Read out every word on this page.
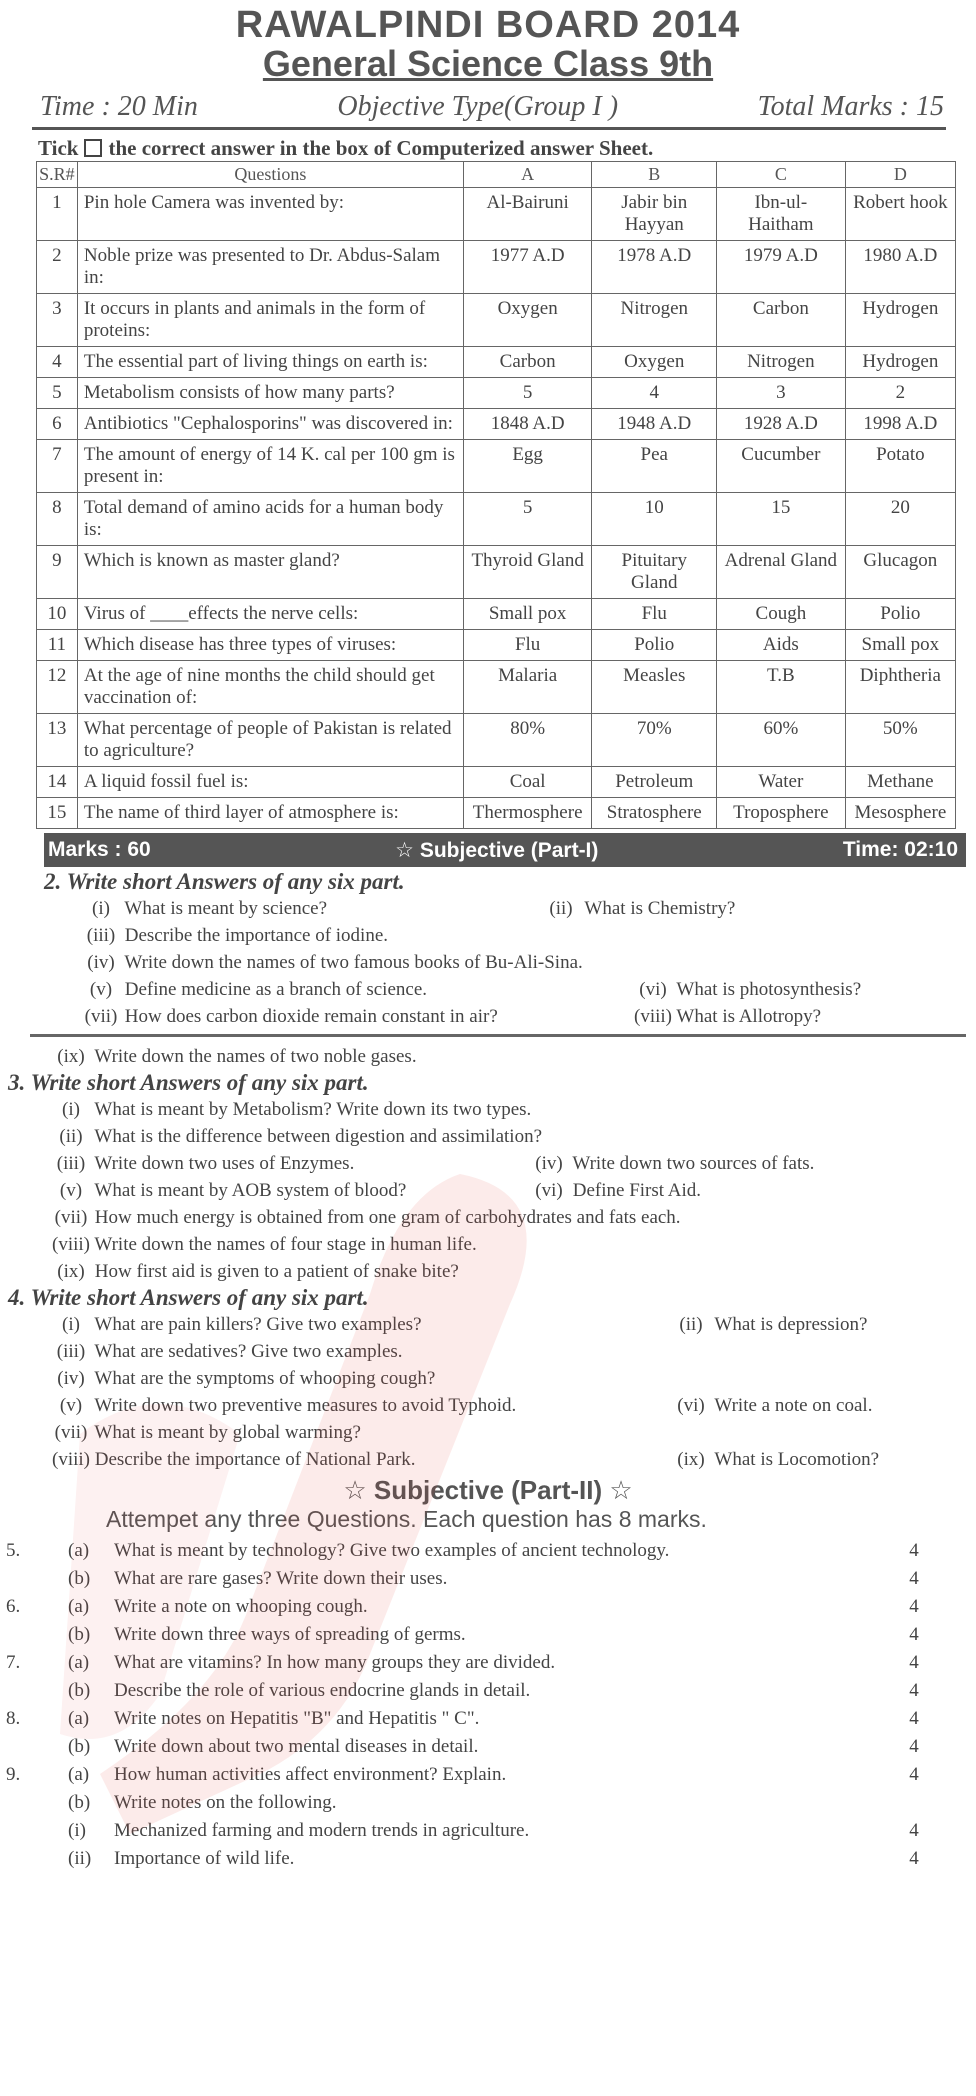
RAWALPINDI BOARD 2014
General Science Class 9th
Time : 20 Min	Objective Type(Group I )	Total Marks : 15
Tick the correct answer in the box of Computerized answer Sheet.
S.R#	Questions	A	B	C	D
1	Pin hole Camera was invented by:	Al-Bairuni	Jabir bin Hayyan	Ibn-ul-Haitham	Robert hook
2	Noble prize was presented to Dr. Abdus-Salam in:	1977 A.D	1978 A.D	1979 A.D	1980 A.D
3	It occurs in plants and animals in the form of proteins:	Oxygen	Nitrogen	Carbon	Hydrogen
4	The essential part of living things on earth is:	Carbon	Oxygen	Nitrogen	Hydrogen
5	Metabolism consists of how many parts?	5	4	3	2
6	Antibiotics "Cephalosporins" was discovered in:	1848 A.D	1948 A.D	1928 A.D	1998 A.D
7	The amount of energy of 14 K. cal per 100 gm is present in:	Egg	Pea	Cucumber	Potato
8	Total demand of amino acids for a human body is:	5	10	15	20
9	Which is known as master gland?	Thyroid Gland	Pituitary Gland	Adrenal Gland	Glucagon
10	Virus of ____effects the nerve cells:	Small pox	Flu	Cough	Polio
11	Which disease has three types of viruses:	Flu	Polio	Aids	Small pox
12	At the age of nine months the child should get vaccination of:	Malaria	Measles	T.B	Diphtheria
13	What percentage of people of Pakistan is related to agriculture?	80%	70%	60%	50%
14	A liquid fossil fuel is:	Coal	Petroleum	Water	Methane
15	The name of third layer of atmosphere is:	Thermosphere	Stratosphere	Troposphere	Mesosphere
Marks : 60	☆ Subjective (Part-I)	Time: 02:10
2. Write short Answers of any six part.
(i) What is meant by science?	(ii) What is Chemistry?
(iii) Describe the importance of iodine.
(iv) Write down the names of two famous books of Bu-Ali-Sina.
(v) Define medicine as a branch of science.	(vi) What is photosynthesis?
(vii) How does carbon dioxide remain constant in air?	(viii) What is Allotropy?
(ix) Write down the names of two noble gases.
3. Write short Answers of any six part.
(i) What is meant by Metabolism? Write down its two types.
(ii) What is the difference between digestion and assimilation?
(iii) Write down two uses of Enzymes.	(iv) Write down two sources of fats.
(v) What is meant by AOB system of blood?	(vi) Define First Aid.
(vii) How much energy is obtained from one gram of carbohydrates and fats each.
(viii) Write down the names of four stage in human life.
(ix) How first aid is given to a patient of snake bite?
4. Write short Answers of any six part.
(i) What are pain killers? Give two examples?	(ii) What is depression?
(iii) What are sedatives? Give two examples.
(iv) What are the symptoms of whooping cough?
(v) Write down two preventive measures to avoid Typhoid.	(vi) Write a note on coal.
(vii) What is meant by global warming?
(viii) Describe the importance of National Park.	(ix) What is Locomotion?
☆ Subjective (Part-II) ☆
Attempet any three Questions. Each question has 8 marks.
5.	(a)	What is meant by technology? Give two examples of ancient technology.	4
(b)	What are rare gases? Write down their uses.	4
6.	(a)	Write a note on whooping cough.	4
(b)	Write down three ways of spreading of germs.	4
7.	(a)	What are vitamins? In how many groups they are divided.	4
(b)	Describe the role of various endocrine glands in detail.	4
8.	(a)	Write notes on Hepatitis "B" and Hepatitis " C".	4
(b)	Write down about two mental diseases in detail.	4
9.	(a)	How human activities affect environment? Explain.	4
(b)	Write notes on the following.
(i)	Mechanized farming and modern trends in agriculture.	4
(ii)	Importance of wild life.	4
